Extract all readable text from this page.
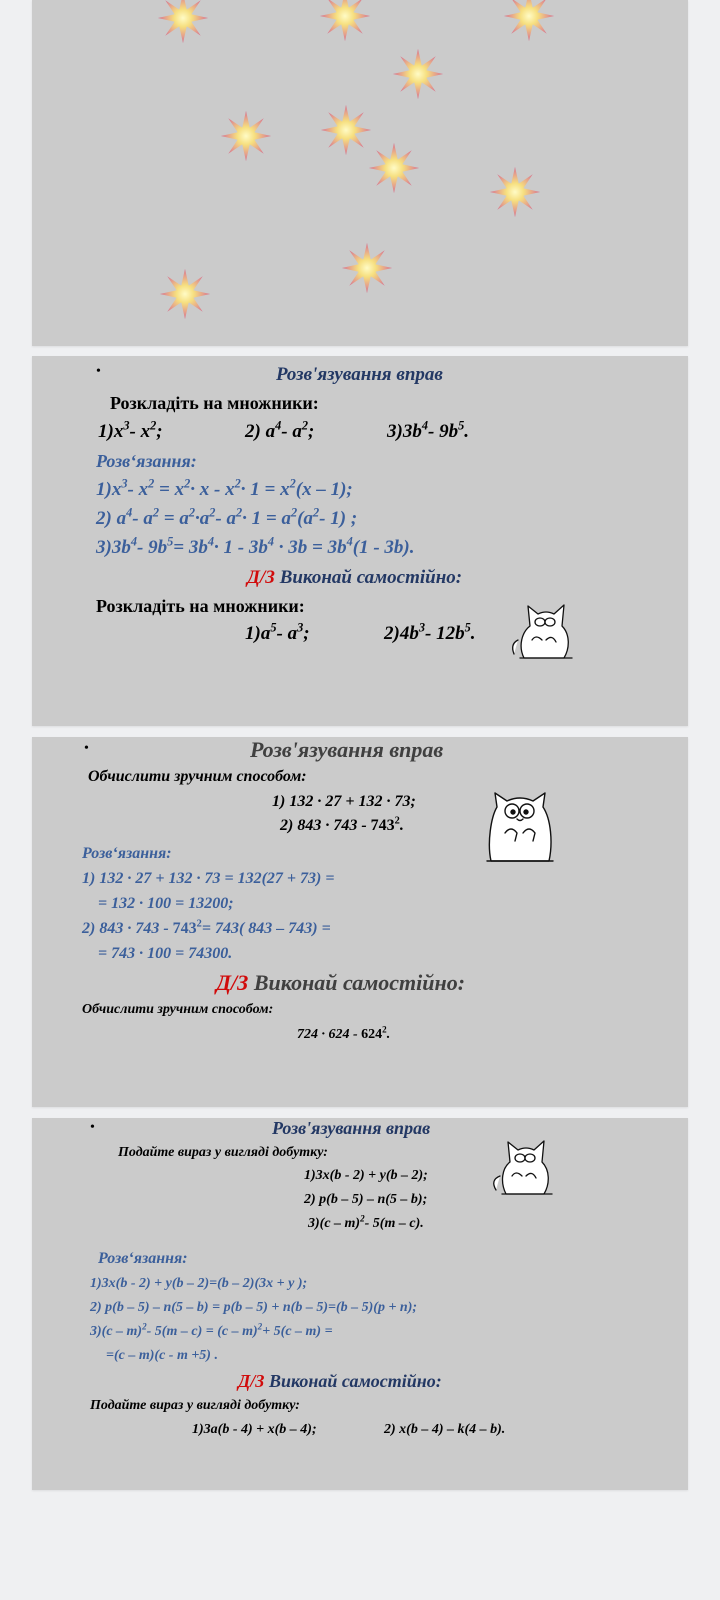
•	Розв'язування вправ
Розкладіть на множники:
$1)x^3-$ $x^2$;	2) $a^4-$ $a^2$;	$3)3b^4-$ $9b^5$.
Розв‘язання:
$1)x^3-$ $x^2 = x^2\cdot x - x^2\cdot 1 = x^2(x - 1)$;
2) $a^4-$ $a^2 = a^2\cdot a^2-$ $a^2\cdot 1 = a^2(a^2-$ 1) ;
$3)3b^4-$ $9b^5= 3b^4\cdot 1 - 3b^4 \cdot 3b = 3b^4(1 - 3b)$.
Д/З Виконай самостійно:
Розкладіть на множники:
$1)a^5-$ $a^3$;	$2)4b^3-$ $12b^5$.
•	Розв'язування вправ
Обчислити зручним способом:
1) 132 · 27 + 132 · 73;
2) $843 \cdot 743 - 743^2$.
Розв‘язання:
1) 132 · 27 + 132 · 73 = 132(27 + 73) =
= 132 · 100 = 13200;
2) $843 \cdot 743 - 743^2= 743$( 843 – 743) =
= 743 · 100 = 74300.
Д/З Виконай самостійно:
Обчислити зручним способом:
$724 \cdot 624 - 624^2$.
•	Розв'язування вправ
Подайте вираз у вигляді добутку:
1)3x(b - 2) + y(b – 2);
2) p(b – 5) – n(5 – b);
3)(c – m)$^2$- 5(m – c).
Розв‘язання:
1)3x(b - 2) + y(b – 2)=(b – 2)(3x + y );
2) p(b – 5) – n(5 – b) = p(b – 5) + n(b – 5)=(b – 5)(p + n);
3)(c – m)$^2$- 5(m – c) = (c – m)$^2$+ 5(c – m) =
=(c – m)(c - m +5) .
Д/З Виконай самостійно:
Подайте вираз у вигляді добутку:
1)3a(b - 4) + x(b – 4);	2) x(b – 4) – k(4 – b).
